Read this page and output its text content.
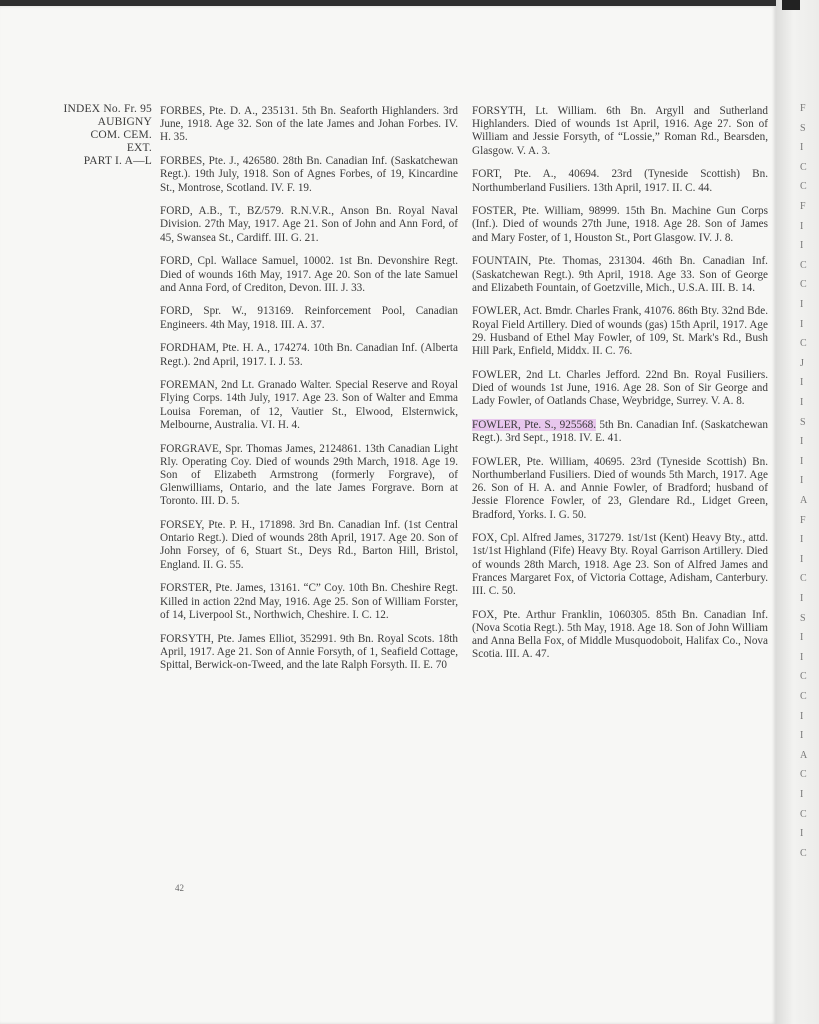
INDEX No. Fr. 95
AUBIGNY
COM. CEM.
EXT.
PART I. A—L

FORBES, Pte. D. A., 235131. 5th Bn. Seaforth Highlanders. 3rd June, 1918. Age 32. Son of the late James and Johan Forbes. IV. H. 35.

FORBES, Pte. J., 426580. 28th Bn. Canadian Inf. (Saskatchewan Regt.). 19th July, 1918. Son of Agnes Forbes, of 19, Kincardine St., Montrose, Scotland. IV. F. 19.

FORD, A.B., T., BZ/579. R.N.V.R., Anson Bn. Royal Naval Division. 27th May, 1917. Age 21. Son of John and Ann Ford, of 45, Swansea St., Cardiff. III. G. 21.

FORD, Cpl. Wallace Samuel, 10002. 1st Bn. Devonshire Regt. Died of wounds 16th May, 1917. Age 20. Son of the late Samuel and Anna Ford, of Crediton, Devon. III. J. 33.

FORD, Spr. W., 913169. Reinforcement Pool, Canadian Engineers. 4th May, 1918. III. A. 37.

FORDHAM, Pte. H. A., 174274. 10th Bn. Canadian Inf. (Alberta Regt.). 2nd April, 1917. I. J. 53.

FOREMAN, 2nd Lt. Granado Walter. Special Reserve and Royal Flying Corps. 14th July, 1917. Age 23. Son of Walter and Emma Louisa Foreman, of 12, Vautier St., Elwood, Elsternwick, Melbourne, Australia. VI. H. 4.

FORGRAVE, Spr. Thomas James, 2124861. 13th Canadian Light Rly. Operating Coy. Died of wounds 29th March, 1918. Age 19. Son of Elizabeth Armstrong (formerly Forgrave), of Glenwilliams, Ontario, and the late James Forgrave. Born at Toronto. III. D. 5.

FORSEY, Pte. P. H., 171898. 3rd Bn. Canadian Inf. (1st Central Ontario Regt.). Died of wounds 28th April, 1917. Age 20. Son of John Forsey, of 6, Stuart St., Deys Rd., Barton Hill, Bristol, England. II. G. 55.

FORSTER, Pte. James, 13161. “C” Coy. 10th Bn. Cheshire Regt. Killed in action 22nd May, 1916. Age 25. Son of William Forster, of 14, Liverpool St., Northwich, Cheshire. I. C. 12.

FORSYTH, Pte. James Elliot, 352991. 9th Bn. Royal Scots. 18th April, 1917. Age 21. Son of Annie Forsyth, of 1, Seafield Cottage, Spittal, Berwick-on-Tweed, and the late Ralph Forsyth. II. E. 70

FORSYTH, Lt. William. 6th Bn. Argyll and Sutherland Highlanders. Died of wounds 1st April, 1916. Age 27. Son of William and Jessie Forsyth, of “Lossie,” Roman Rd., Bearsden, Glasgow. V. A. 3.

FORT, Pte. A., 40694. 23rd (Tyneside Scottish) Bn. Northumberland Fusiliers. 13th April, 1917. II. C. 44.

FOSTER, Pte. William, 98999. 15th Bn. Machine Gun Corps (Inf.). Died of wounds 27th June, 1918. Age 28. Son of James and Mary Foster, of 1, Houston St., Port Glasgow. IV. J. 8.

FOUNTAIN, Pte. Thomas, 231304. 46th Bn. Canadian Inf. (Saskatchewan Regt.). 9th April, 1918. Age 33. Son of George and Elizabeth Fountain, of Goetzville, Mich., U.S.A. III. B. 14.

FOWLER, Act. Bmdr. Charles Frank, 41076. 86th Bty. 32nd Bde. Royal Field Artillery. Died of wounds (gas) 15th April, 1917. Age 29. Husband of Ethel May Fowler, of 109, St. Mark's Rd., Bush Hill Park, Enfield, Middx. II. C. 76.

FOWLER, 2nd Lt. Charles Jefford. 22nd Bn. Royal Fusiliers. Died of wounds 1st June, 1916. Age 28. Son of Sir George and Lady Fowler, of Oatlands Chase, Weybridge, Surrey. V. A. 8.

FOWLER, Pte. S., 925568. 5th Bn. Canadian Inf. (Saskatchewan Regt.). 3rd Sept., 1918. IV. E. 41.

FOWLER, Pte. William, 40695. 23rd (Tyneside Scottish) Bn. Northumberland Fusiliers. Died of wounds 5th March, 1917. Age 26. Son of H. A. and Annie Fowler, of Bradford; husband of Jessie Florence Fowler, of 23, Glendare Rd., Lidget Green, Bradford, Yorks. I. G. 50.

FOX, Cpl. Alfred James, 317279. 1st/1st (Kent) Heavy Bty., attd. 1st/1st Highland (Fife) Heavy Bty. Royal Garrison Artillery. Died of wounds 28th March, 1918. Age 23. Son of Alfred James and Frances Margaret Fox, of Victoria Cottage, Adisham, Canterbury. III. C. 50.

FOX, Pte. Arthur Franklin, 1060305. 85th Bn. Canadian Inf. (Nova Scotia Regt.). 5th May, 1918. Age 18. Son of John William and Anna Bella Fox, of Middle Musquodoboit, Halifax Co., Nova Scotia. III. A. 47.

42
F
S
I
C
C
F
I
I
C
C
I
I
C
J
I
I
S
I
I
I
A
F
I
I
C
I
S
I
I
C
C
I
I
A
C
I
C
I
C
